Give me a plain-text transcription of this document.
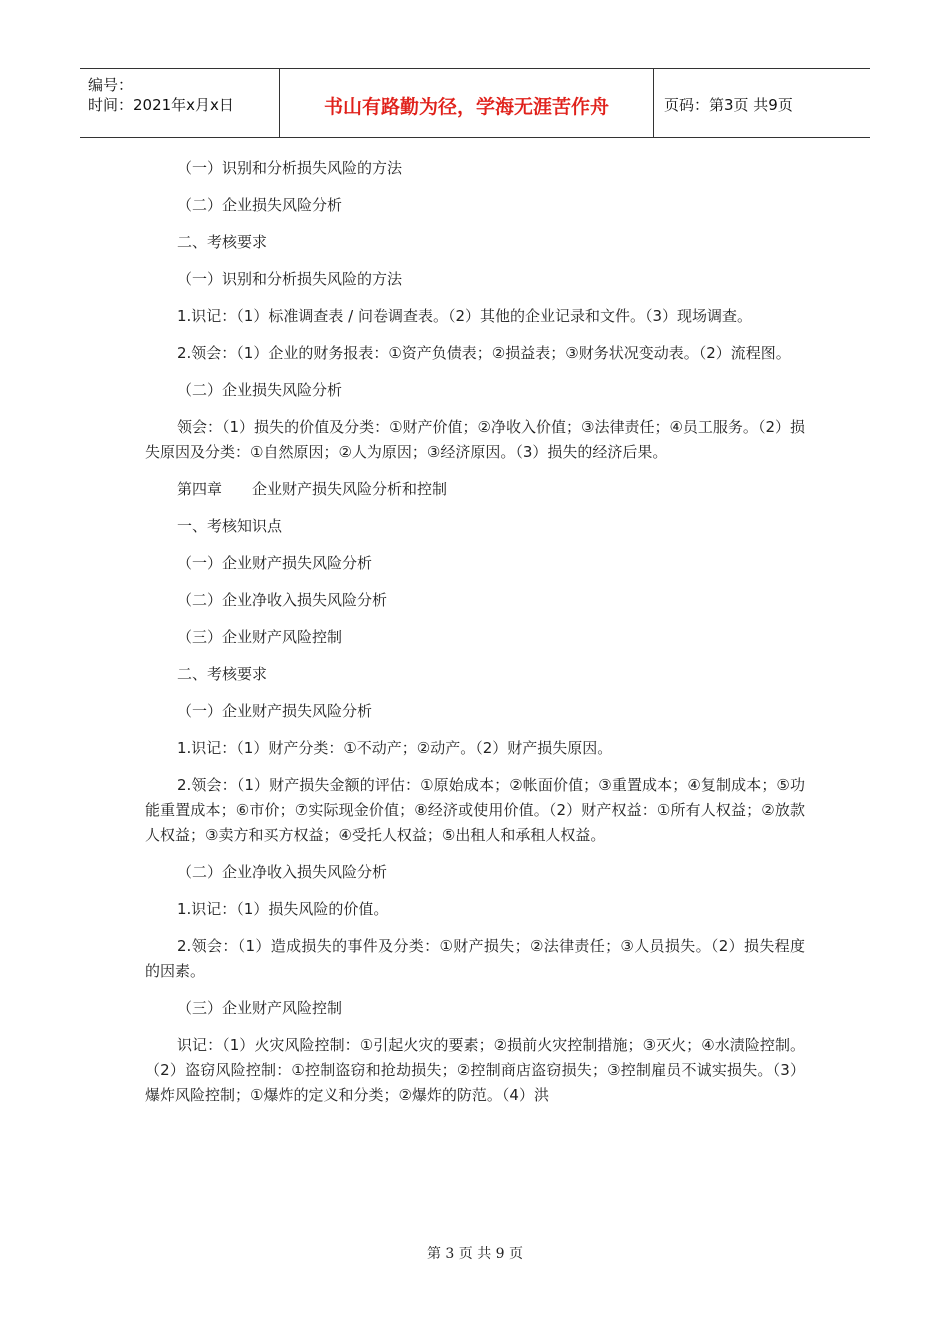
编号：
时间：2021年x月x日	书山有路勤为径，学海无涯苦作舟	页码：第3页 共9页

（一）识别和分析损失风险的方法

（二）企业损失风险分析

二、考核要求

（一）识别和分析损失风险的方法

1.识记：（1）标准调查表 / 问卷调查表。（2）其他的企业记录和文件。（3）现场调查。

2.领会：（1）企业的财务报表：①资产负债表；②损益表；③财务状况变动表。（2）流程图。

（二）企业损失风险分析

领会：（1）损失的价值及分类：①财产价值；②净收入价值；③法律责任；④员工服务。（2）损失原因及分类：①自然原因；②人为原因；③经济原因。（3）损失的经济后果。

第四章　　企业财产损失风险分析和控制

一、考核知识点

（一）企业财产损失风险分析

（二）企业净收入损失风险分析

（三）企业财产风险控制

二、考核要求

（一）企业财产损失风险分析

1.识记：（1）财产分类：①不动产；②动产。（2）财产损失原因。

2.领会：（1）财产损失金额的评估：①原始成本；②帐面价值；③重置成本；④复制成本；⑤功能重置成本；⑥市价；⑦实际现金价值；⑧经济或使用价值。（2）财产权益：①所有人权益；②放款人权益；③卖方和买方权益；④受托人权益；⑤出租人和承租人权益。

（二）企业净收入损失风险分析

1.识记：（1）损失风险的价值。

2.领会：（1）造成损失的事件及分类：①财产损失；②法律责任；③人员损失。（2）损失程度的因素。

（三）企业财产风险控制

识记：（1）火灾风险控制：①引起火灾的要素；②损前火灾控制措施；③灭火；④水渍险控制。（2）盗窃风险控制：①控制盗窃和抢劫损失；②控制商店盗窃损失；③控制雇员不诚实损失。（3）爆炸风险控制；①爆炸的定义和分类；②爆炸的防范。（4）洪

第 3 页 共 9 页
